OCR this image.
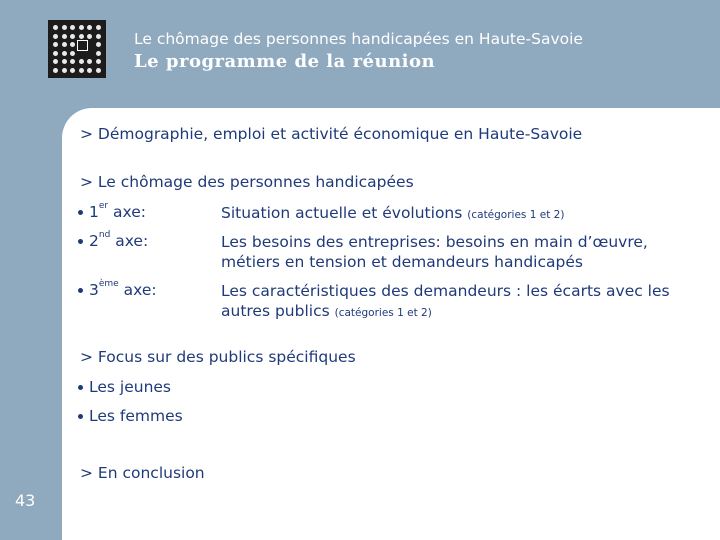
Le chômage des personnes handicapées en Haute-Savoie
Le programme de la réunion
> Démographie, emploi et activité économique en Haute-Savoie
> Le chômage des personnes handicapées
1er axe:	Situation actuelle et évolutions (catégories 1 et 2)
2nd axe:	Les besoins des entreprises: besoins en main d’œuvre, métiers en tension et demandeurs handicapés
3ème axe:	Les caractéristiques des demandeurs : les écarts avec les autres publics (catégories 1 et 2)
> Focus sur des publics spécifiques
Les jeunes
Les femmes
> En conclusion
43
